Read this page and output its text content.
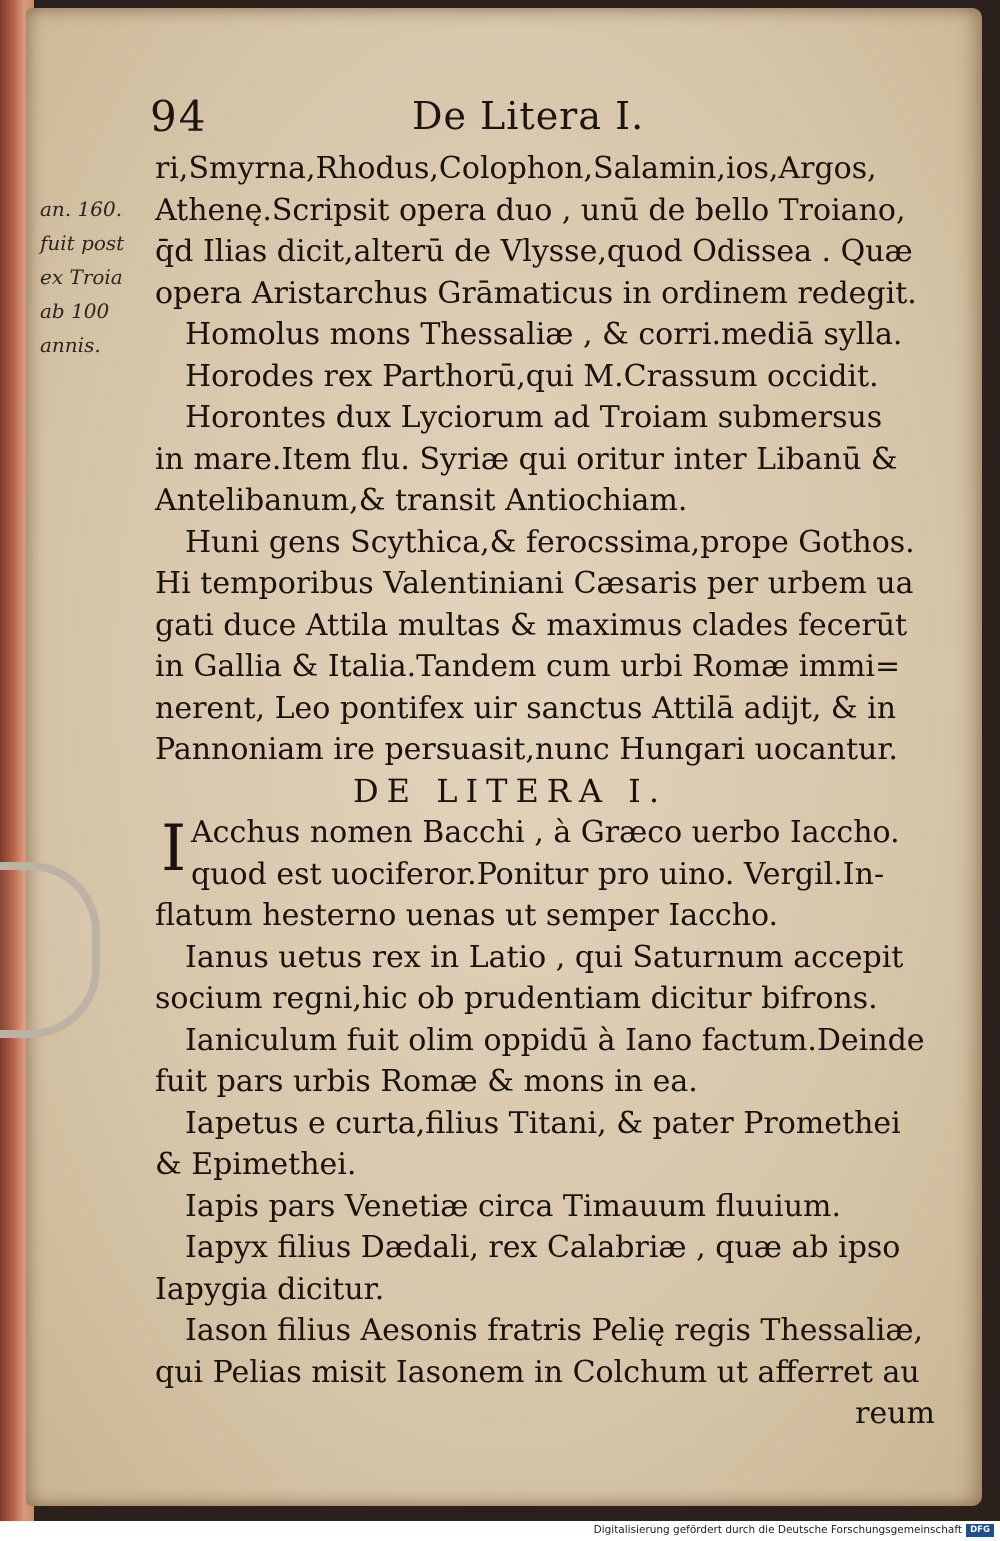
94	De Litera I.
an. 160.
fuit post
ex Troia
ab 100
annis.
ri,Smyrna,Rhodus,Colophon,Salamin,ios,Argos,
Athenę.Scripsit opera duo , unū de bello Troiano,
q̄d Ilias dicit,alterū de Vlysse,quod Odissea . Quæ
opera Aristarchus Grāmaticus in ordinem redegit.
Homolus mons Thessaliæ , & corri.mediā sylla.
Horodes rex Parthorū,qui M.Crassum occidit.
Horontes dux Lyciorum ad Troiam submersus
in mare.Item flu. Syriæ qui oritur inter Libanū &
Antelibanum,& transit Antiochiam.
Huni gens Scythica,& ferocssima,prope Gothos.
Hi temporibus Valentiniani Cæsaris per urbem ua
gati duce Attila multas & maximus clades fecerūt
in Gallia & Italia.Tandem cum urbi Romæ immi=
nerent, Leo pontifex uir sanctus Attilā adijt, & in
Pannoniam ire persuasit,nunc Hungari uocantur.
DE LITERA I.
I Acchus nomen Bacchi , à Græco uerbo Iaccho.
quod est uociferor.Ponitur pro uino. Vergil.In-
flatum hesterno uenas ut semper Iaccho.
Ianus uetus rex in Latio , qui Saturnum accepit
socium regni,hic ob prudentiam dicitur bifrons.
Ianiculum fuit olim oppidū à Iano factum.Deinde
fuit pars urbis Romæ & mons in ea.
Iapetus e curta,filius Titani, & pater Promethei
& Epimethei.
Iapis pars Venetiæ circa Timauum fluuium.
Iapyx filius Dædali, rex Calabriæ , quæ ab ipso
Iapygia dicitur.
Iason filius Aesonis fratris Pelię regis Thessaliæ,
qui Pelias misit Iasonem in Colchum ut afferret au
reum
Digitalisierung gefördert durch die Deutsche Forschungsgemeinschaft DFG
